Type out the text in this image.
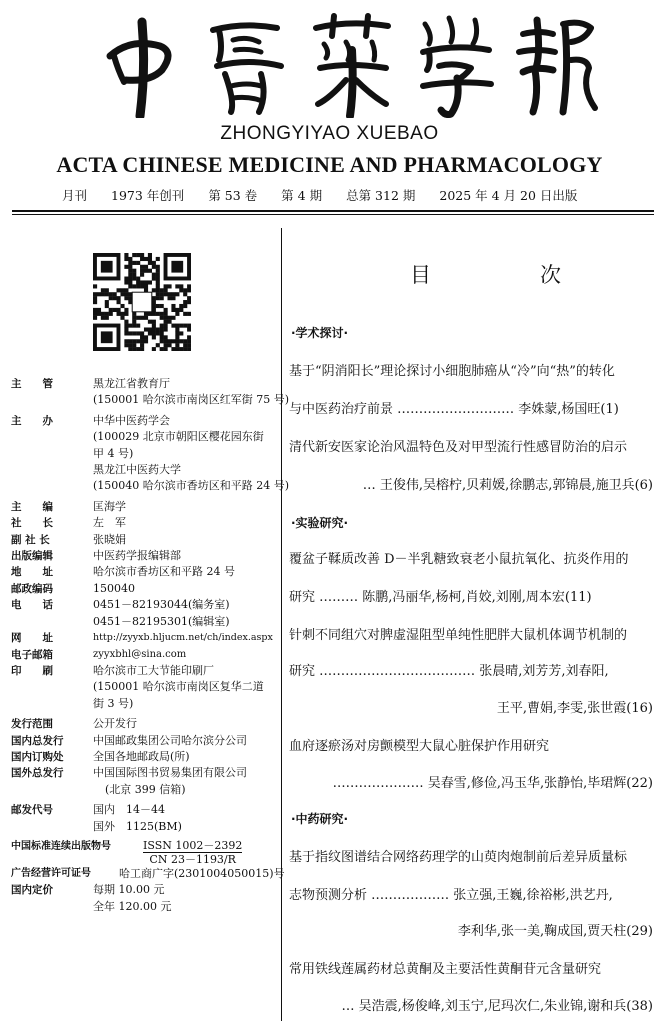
ZHONGYIYAO XUEBAO
ACTA CHINESE MEDICINE AND PHARMACOLOGY
月刊 1973 年创刊 第 53 卷 第 4 期 总第 312 期 2025 年 4 月 20 日出版
主　　管	黑龙江省教育厅
(150001 哈尔滨市南岗区红军街 75 号)
主　　办	中华中医药学会
(100029 北京市朝阳区樱花园东街
甲 4 号)
黑龙江中医药大学
(150040 哈尔滨市香坊区和平路 24 号)
主　　编	匡海学
社　　长	左　军
副 社 长	张晓娟
出版编辑	中医药学报编辑部
地　　址	哈尔滨市香坊区和平路 24 号
邮政编码	150040
电　　话	0451－82193044(编务室)
0451－82195301(编辑室)
网　　址	http://zyyxb.hljucm.net/ch/index.aspx
电子邮箱	zyyxbhl@sina.com
印　　刷	哈尔滨市工大节能印刷厂
(150001 哈尔滨市南岗区复华二道
街 3 号)
发行范围	公开发行
国内总发行	中国邮政集团公司哈尔滨分公司
国内订购处	全国各地邮政局(所)
国外总发行	中国国际图书贸易集团有限公司
(北京 399 信箱)
邮发代号	国内　14－44
国外　1125(BM)
中国标准连续出版物号	ISSN 1002－2392
CN 23－1193/R
广告经营许可证号	哈工商广字(2301004050015)号
国内定价	每期 10.00 元
全年 120.00 元
目　次
·学术探讨·
基于“阴消阳长”理论探讨小细胞肺癌从“冷”向“热”的转化
与中医药治疗前景 ……………………… 李姝蒙,杨国旺(1)
清代新安医家论治风温特色及对甲型流行性感冒防治的启示
… 王俊伟,吴榕柠,贝莉媛,徐鹏志,郭锦晨,施卫兵(6)
·实验研究·
覆盆子鞣质改善 D－半乳糖致衰老小鼠抗氧化、抗炎作用的
研究 ……… 陈鹏,冯丽华,杨柯,肖姣,刘刚,周本宏(11)
针刺不同组穴对脾虚湿阻型单纯性肥胖大鼠机体调节机制的
研究 ……………………………… 张晨晴,刘芳芳,刘春阳,
王平,曹娟,李雯,张世霞(16)
血府逐瘀汤对房颤模型大鼠心脏保护作用研究
………………… 吴春雪,修俭,冯玉华,张静怡,毕珺辉(22)
·中药研究·
基于指纹图谱结合网络药理学的山萸肉炮制前后差异质量标
志物预测分析 ……………… 张立强,王巍,徐裕彬,洪艺丹,
李利华,张一美,鞠成国,贾天柱(29)
常用铁线莲属药材总黄酮及主要活性黄酮苷元含量研究
… 吴浩震,杨俊峰,刘玉宁,尼玛次仁,朱业锦,谢和兵(38)
